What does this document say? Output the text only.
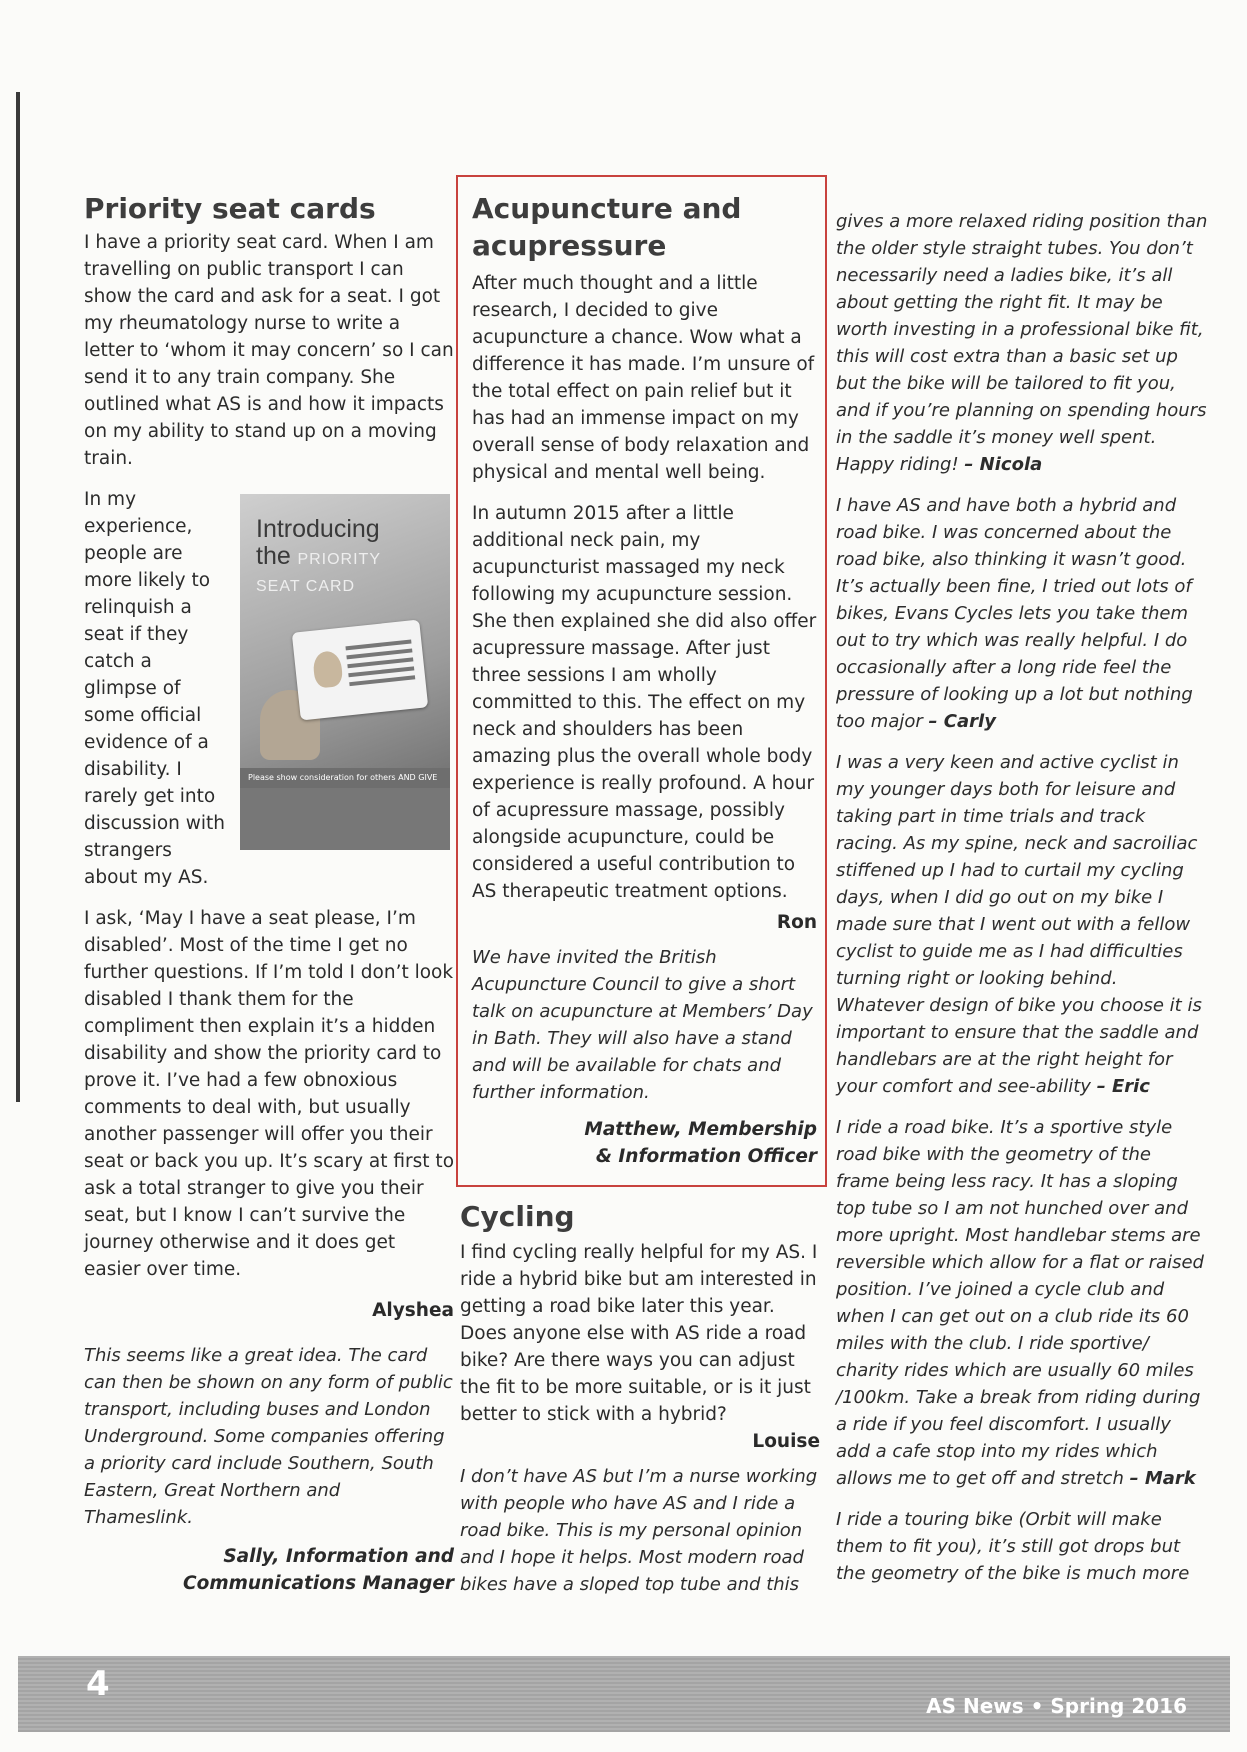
Priority seat cards

I have a priority seat card. When I am travelling on public transport I can show the card and ask for a seat. I got my rheumatology nurse to write a letter to ‘whom it may concern’ so I can send it to any train company. She outlined what AS is and how it impacts on my ability to stand up on a moving train.

Introducing
the PRIORITY
SEAT CARD
Please show consideration for others AND GIVE

In my experience, people are more likely to relinquish a seat if they catch a glimpse of some official evidence of a disability. I rarely get into discussion with strangers about my AS.

I ask, ‘May I have a seat please, I’m disabled’. Most of the time I get no further questions. If I’m told I don’t look disabled I thank them for the compliment then explain it’s a hidden disability and show the priority card to prove it. I’ve had a few obnoxious comments to deal with, but usually another passenger will offer you their seat or back you up. It’s scary at first to ask a total stranger to give you their seat, but I know I can’t survive the journey otherwise and it does get easier over time.

Alyshea

This seems like a great idea. The card can then be shown on any form of public transport, including buses and London Underground. Some companies offering a priority card include Southern, South Eastern, Great Northern and Thameslink.

Sally, Information and

Communications Manager

Acupuncture and
acupressure

After much thought and a little research, I decided to give acupuncture a chance. Wow what a difference it has made. I’m unsure of the total effect on pain relief but it has had an immense impact on my overall sense of body relaxation and physical and mental well being.

In autumn 2015 after a little additional neck pain, my acupuncturist massaged my neck following my acupuncture session. She then explained she did also offer acupressure massage. After just three sessions I am wholly committed to this. The effect on my neck and shoulders has been amazing plus the overall whole body experience is really profound. A hour of acupressure massage, possibly alongside acupuncture, could be considered a useful contribution to AS therapeutic treatment options.

Ron

We have invited the British Acupuncture Council to give a short talk on acupuncture at Members’ Day in Bath. They will also have a stand and will be available for chats and further information.

Matthew, Membership

& Information Officer

Cycling

I find cycling really helpful for my AS. I ride a hybrid bike but am interested in getting a road bike later this year. Does anyone else with AS ride a road bike? Are there ways you can adjust the fit to be more suitable, or is it just better to stick with a hybrid?

Louise

I don’t have AS but I’m a nurse working with people who have AS and I ride a road bike. This is my personal opinion and I hope it helps. Most modern road bikes have a sloped top tube and this

gives a more relaxed riding position than the older style straight tubes. You don’t necessarily need a ladies bike, it’s all about getting the right fit. It may be worth investing in a professional bike fit, this will cost extra than a basic set up but the bike will be tailored to fit you, and if you’re planning on spending hours in the saddle it’s money well spent. Happy riding! – Nicola

I have AS and have both a hybrid and road bike. I was concerned about the road bike, also thinking it wasn’t good. It’s actually been fine, I tried out lots of bikes, Evans Cycles lets you take them out to try which was really helpful. I do occasionally after a long ride feel the pressure of looking up a lot but nothing too major – Carly

I was a very keen and active cyclist in my younger days both for leisure and taking part in time trials and track racing. As my spine, neck and sacroiliac stiffened up I had to curtail my cycling days, when I did go out on my bike I made sure that I went out with a fellow cyclist to guide me as I had difficulties turning right or looking behind. Whatever design of bike you choose it is important to ensure that the saddle and handlebars are at the right height for your comfort and see-ability – Eric

I ride a road bike. It’s a sportive style road bike with the geometry of the frame being less racy. It has a sloping top tube so I am not hunched over and more upright. Most handlebar stems are reversible which allow for a flat or raised position. I’ve joined a cycle club and when I can get out on a club ride its 60 miles with the club. I ride sportive/ charity rides which are usually 60 miles /100km. Take a break from riding during a ride if you feel discomfort. I usually add a cafe stop into my rides which allows me to get off and stretch – Mark

I ride a touring bike (Orbit will make them to fit you), it’s still got drops but the geometry of the bike is much more

4
AS News • Spring 2016
